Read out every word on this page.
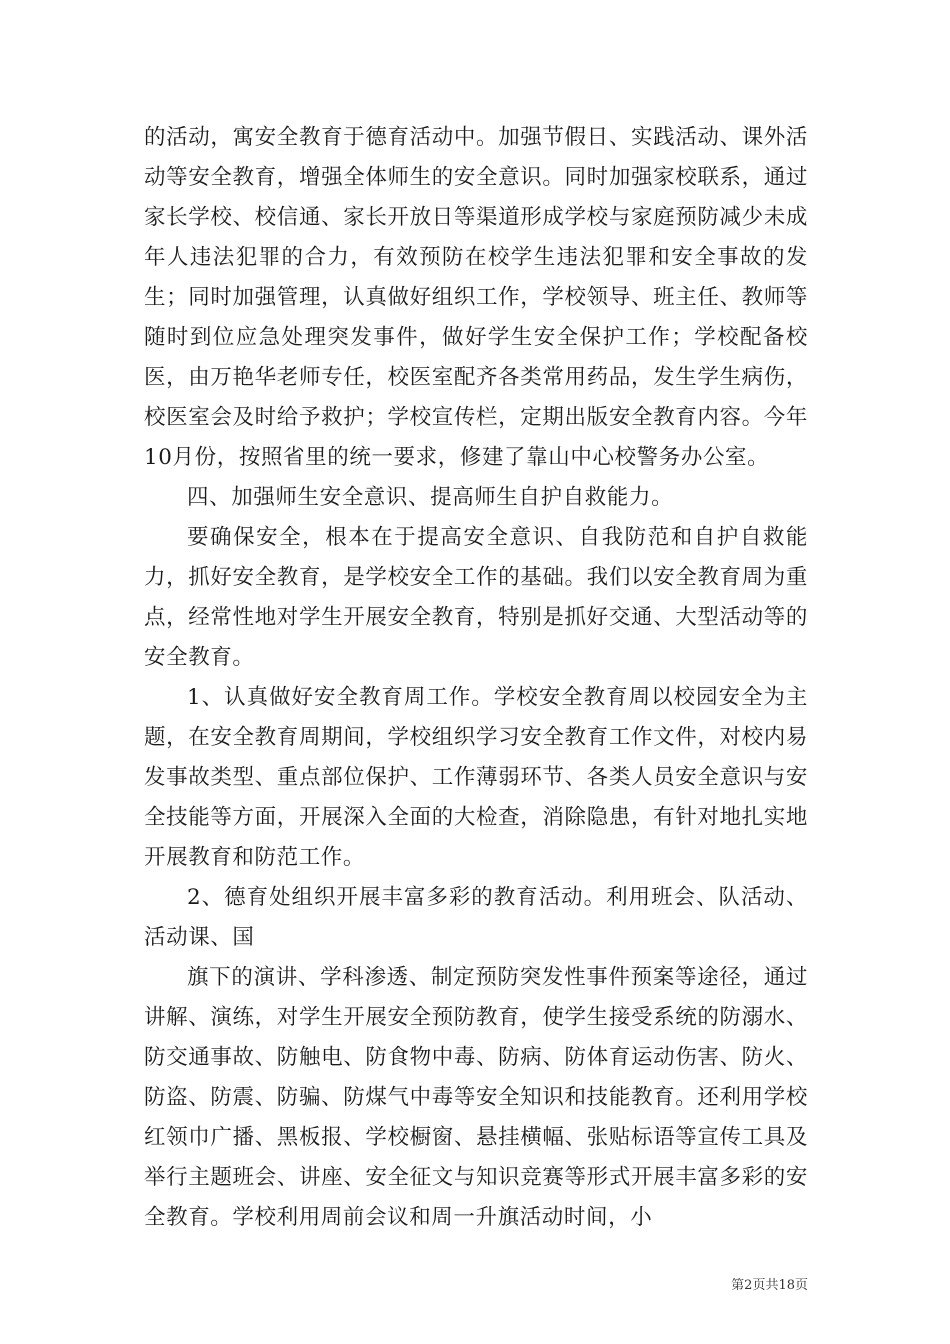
的活动，寓安全教育于德育活动中。加强节假日、实践活动、课外活动等安全教育，增强全体师生的安全意识。同时加强家校联系，通过家长学校、校信通、家长开放日等渠道形成学校与家庭预防减少未成年人违法犯罪的合力，有效预防在校学生违法犯罪和安全事故的发生；同时加强管理，认真做好组织工作，学校领导、班主任、教师等随时到位应急处理突发事件，做好学生安全保护工作；学校配备校医，由万艳华老师专任，校医室配齐各类常用药品，发生学生病伤，校医室会及时给予救护；学校宣传栏，定期出版安全教育内容。今年10月份，按照省里的统一要求，修建了靠山中心校警务办公室。

四、加强师生安全意识、提高师生自护自救能力。

要确保安全，根本在于提高安全意识、自我防范和自护自救能力，抓好安全教育，是学校安全工作的基础。我们以安全教育周为重点，经常性地对学生开展安全教育，特别是抓好交通、大型活动等的安全教育。

1、认真做好安全教育周工作。学校安全教育周以校园安全为主题，在安全教育周期间，学校组织学习安全教育工作文件，对校内易发事故类型、重点部位保护、工作薄弱环节、各类人员安全意识与安全技能等方面，开展深入全面的大检查，消除隐患，有针对地扎实地开展教育和防范工作。

2、德育处组织开展丰富多彩的教育活动。利用班会、队活动、活动课、国

旗下的演讲、学科渗透、制定预防突发性事件预案等途径，通过讲解、演练，对学生开展安全预防教育，使学生接受系统的防溺水、防交通事故、防触电、防食物中毒、防病、防体育运动伤害、防火、防盗、防震、防骗、防煤气中毒等安全知识和技能教育。还利用学校红领巾广播、黑板报、学校橱窗、悬挂横幅、张贴标语等宣传工具及举行主题班会、讲座、安全征文与知识竞赛等形式开展丰富多彩的安全教育。学校利用周前会议和周一升旗活动时间，小

第2页共18页
